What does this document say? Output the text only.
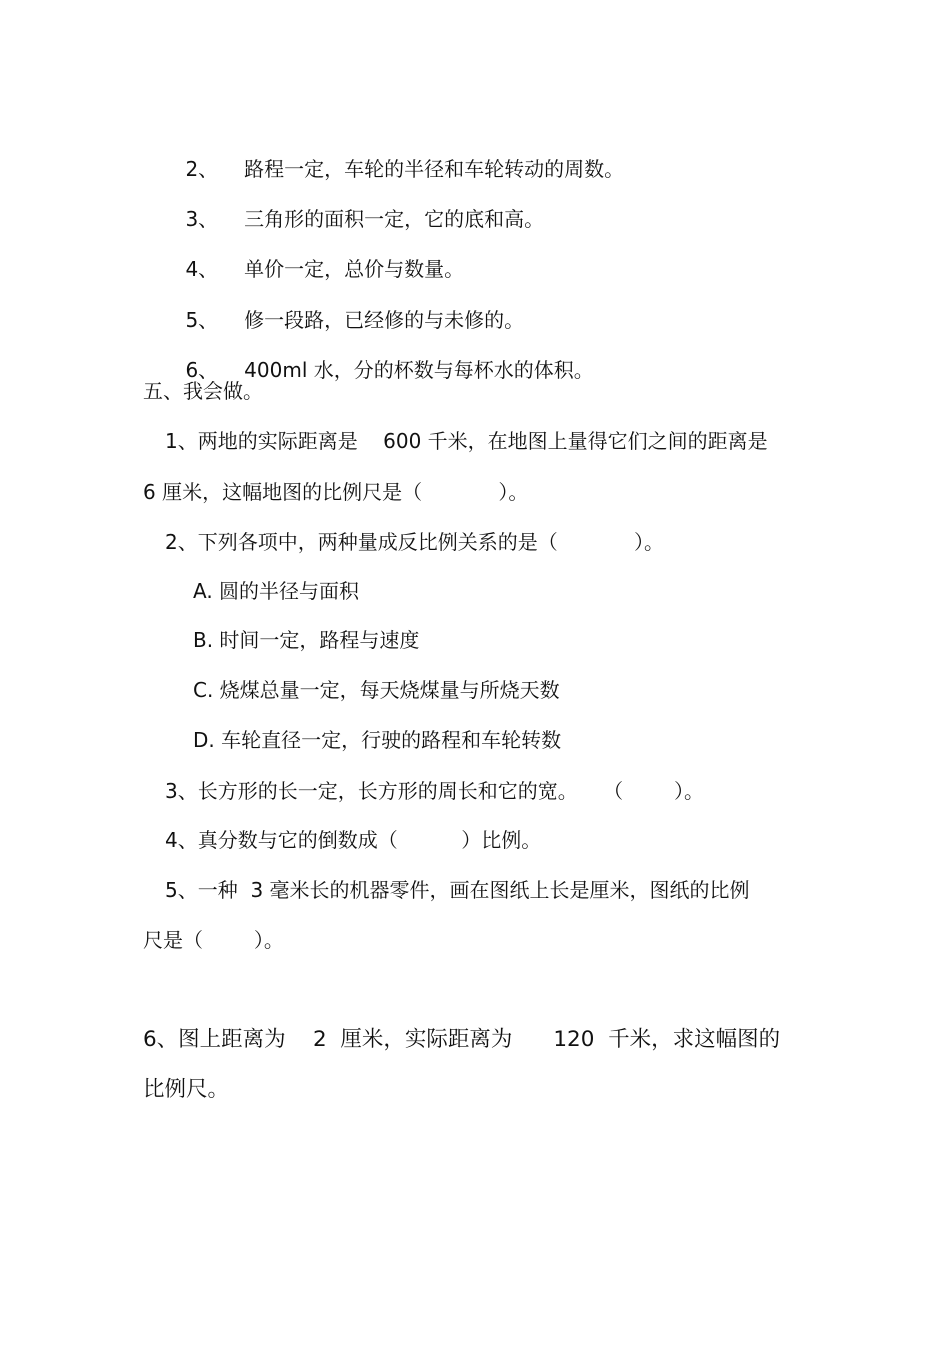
2、 路程一定，车轮的半径和车轮转动的周数。

3、 三角形的面积一定，它的底和高。

4、 单价一定，总价与数量。

5、 修一段路，已经修的与未修的。

6、 400ml 水，分的杯数与每杯水的体积。

五、我会做。
1、两地的实际距离是    600 千米，在地图上量得它们之间的距离是
6 厘米，这幅地图的比例尺是（            ）。
2、下列各项中，两种量成反比例关系的是（            ）。
A. 圆的半径与面积
B. 时间一定，路程与速度
C. 烧煤总量一定，每天烧煤量与所烧天数
D. 车轮直径一定，行驶的路程和车轮转数
3、长方形的长一定，长方形的周长和它的宽。    （        ）。
4、真分数与它的倒数成（          ）比例。
5、一种  3 毫米长的机器零件，画在图纸上长是厘米，图纸的比例
尺是（        ）。
6、图上距离为    2  厘米，实际距离为      120  千米，求这幅图的
比例尺。
